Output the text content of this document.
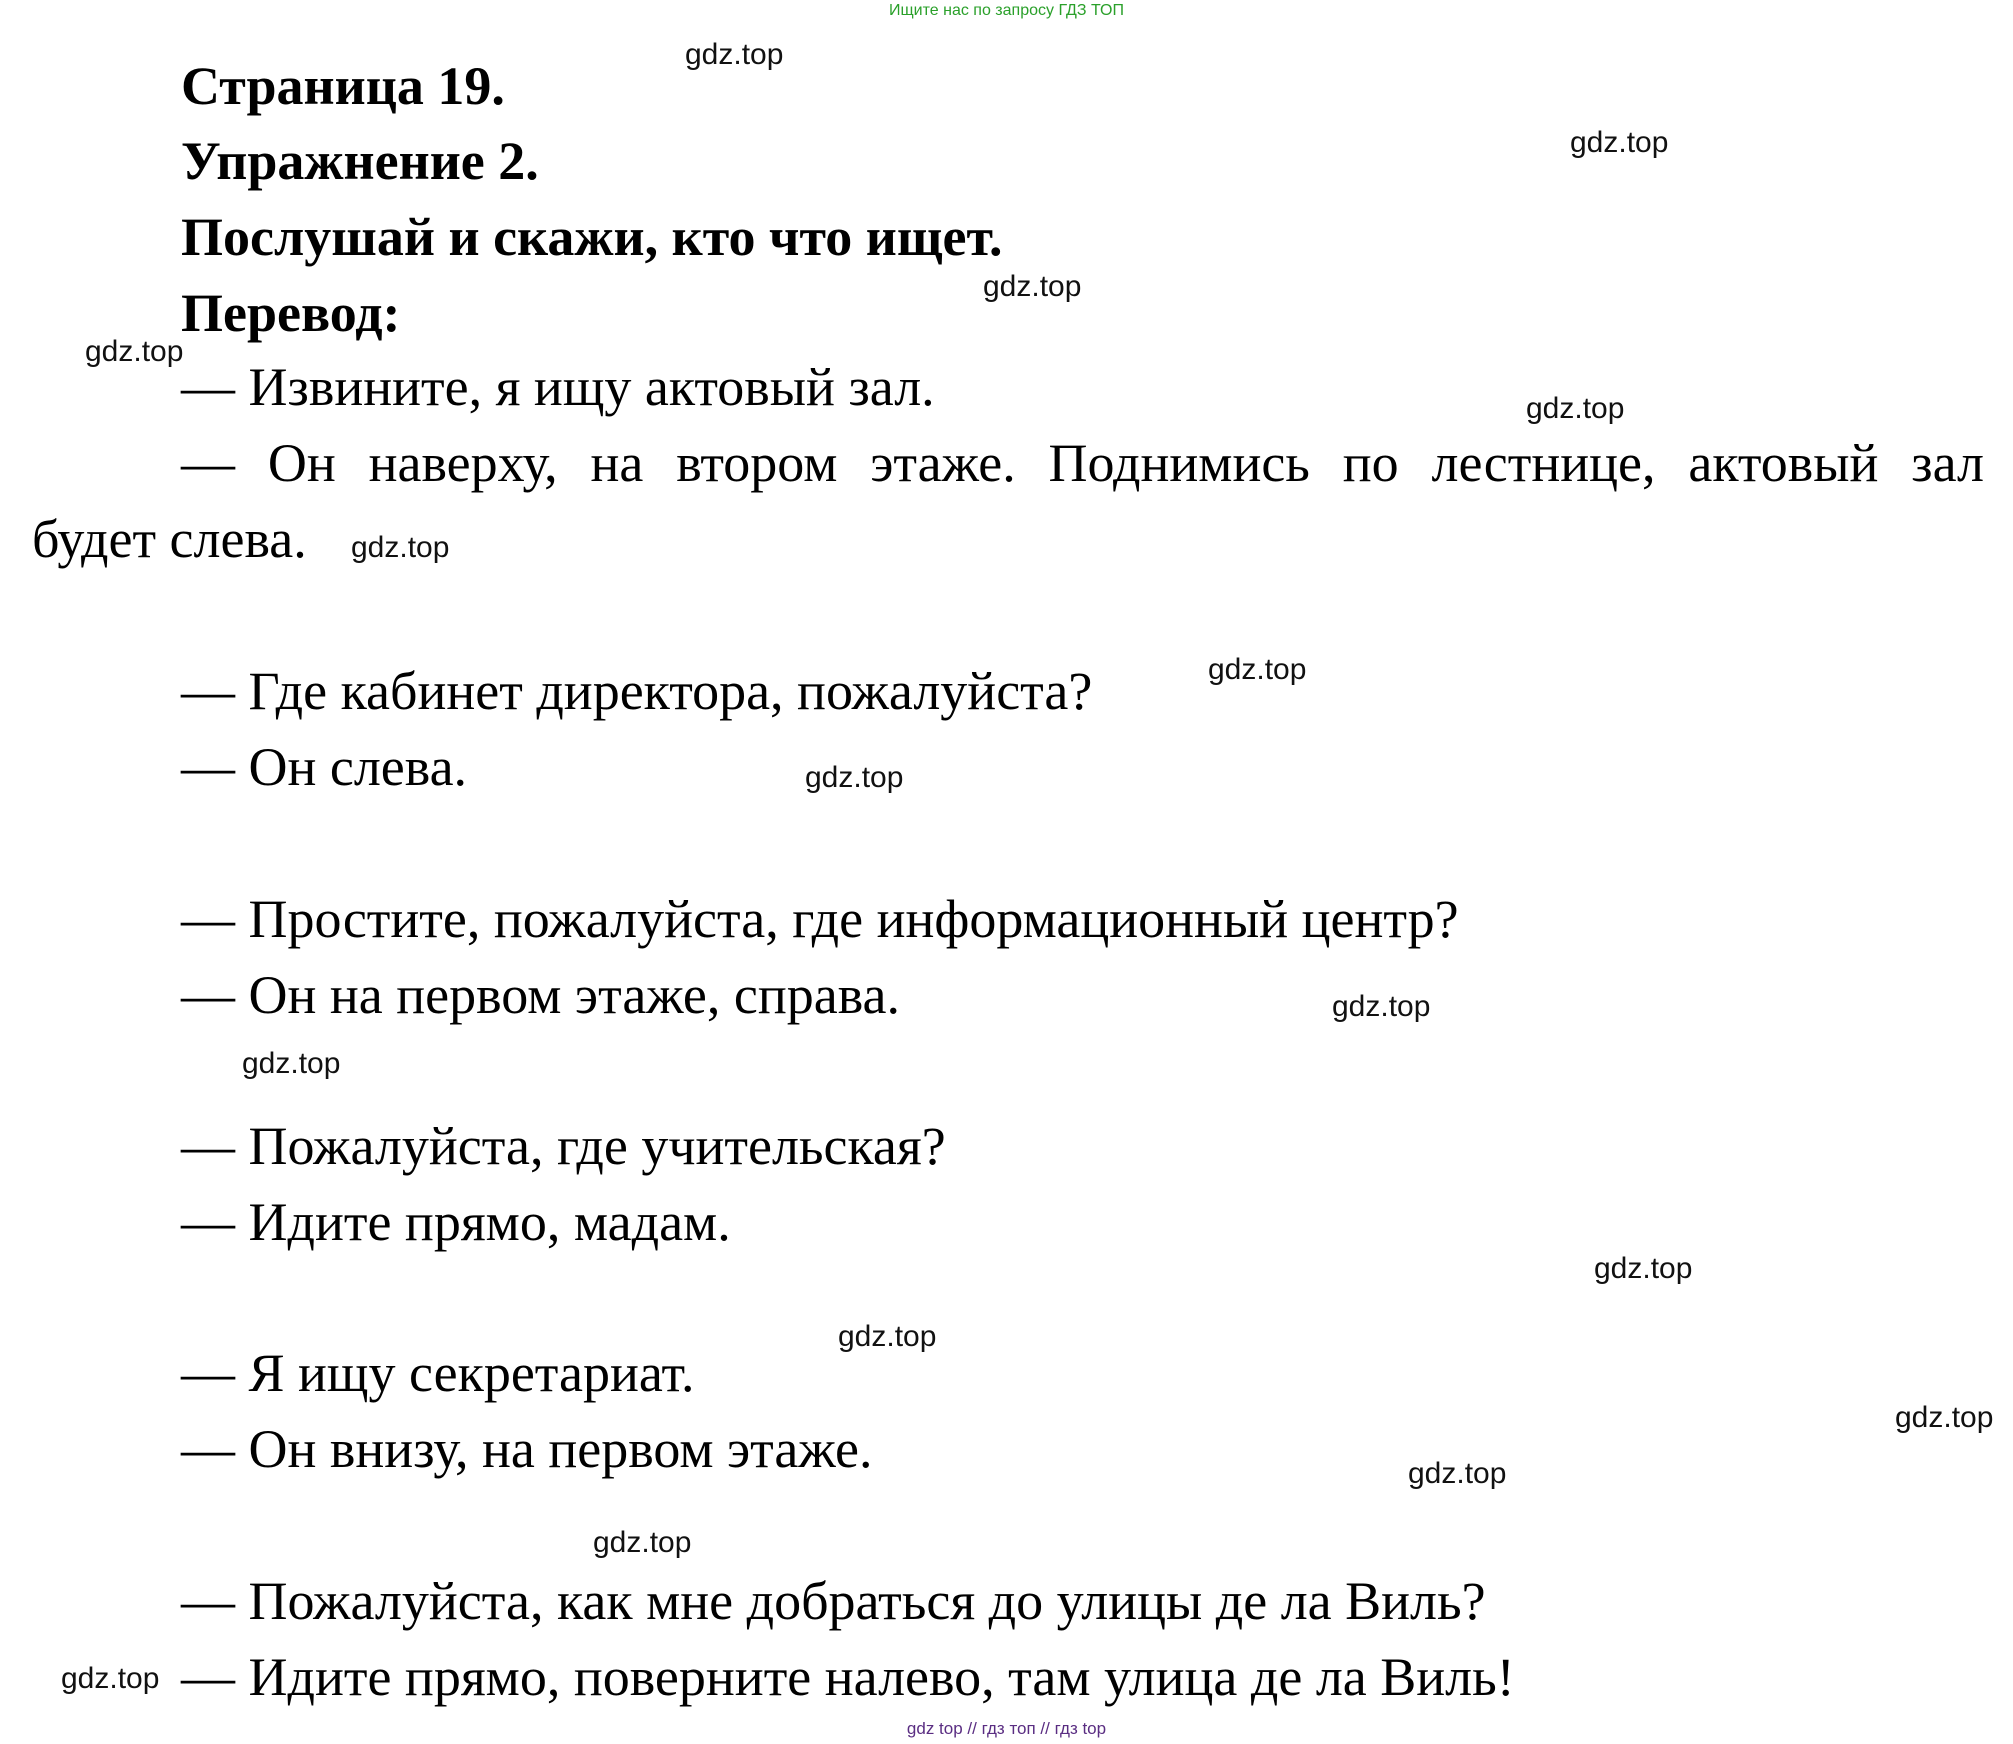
Ищите нас по запросу ГДЗ ТОП
Страница 19.
Упражнение 2.
Послушай и скажи, кто что ищет.
Перевод:
— Извините, я ищу актовый зал.
— Он наверху, на втором этаже. Поднимись по лестнице, актовый зал
будет слева.
— Где кабинет директора, пожалуйста?
— Он слева.
— Простите, пожалуйста, где информационный центр?
— Он на первом этаже, справа.
— Пожалуйста, где учительская?
— Идите прямо, мадам.
— Я ищу секретариат.
— Он внизу, на первом этаже.
— Пожалуйста, как мне добраться до улицы де ла Виль?
— Идите прямо, поверните налево, там улица де ла Виль!
gdz.top
gdz.top
gdz.top
gdz.top
gdz.top
gdz.top
gdz.top
gdz.top
gdz.top
gdz.top
gdz.top
gdz.top
gdz.top
gdz.top
gdz.top
gdz.top
gdz top // гдз топ // гдз top
